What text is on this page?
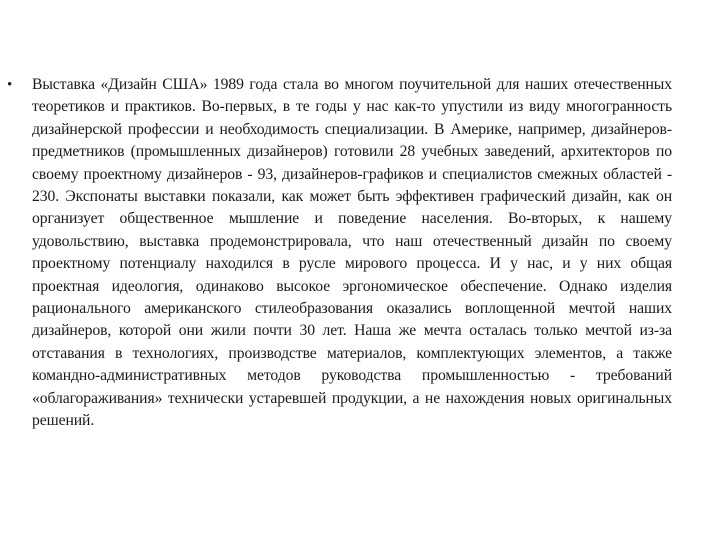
• Выставка «Дизайн США» 1989 года стала во многом поучительной для наших отечественных теоретиков и практиков. Во-первых, в те годы у нас как-то упустили из виду многогранность дизайнерской профессии и необходимость специализации. В Америке, например, дизайнеров-предметников (промышленных дизайнеров) готовили 28 учебных заведений, архитекторов по своему проектному дизайнеров - 93, дизайнеров-графиков и специалистов смежных областей - 230. Экспонаты выставки показали, как может быть эффективен графический дизайн, как он организует общественное мышление и поведение населения. Во-вторых, к нашему удовольствию, выставка продемонстрировала, что наш отечественный дизайн по своему проектному потенциалу находился в русле мирового процесса. И у нас, и у них общая проектная идеология, одинаково высокое эргономическое обеспечение. Однако изделия рационального американского стилеобразования оказались воплощенной мечтой наших дизайнеров, которой они жили почти 30 лет. Наша же мечта осталась только мечтой из-за отставания в технологиях, производстве материалов, комплектующих элементов, а также командно-административных методов руководства промышленностью - требований «облагораживания» технически устаревшей продукции, а не нахождения новых оригинальных решений.
